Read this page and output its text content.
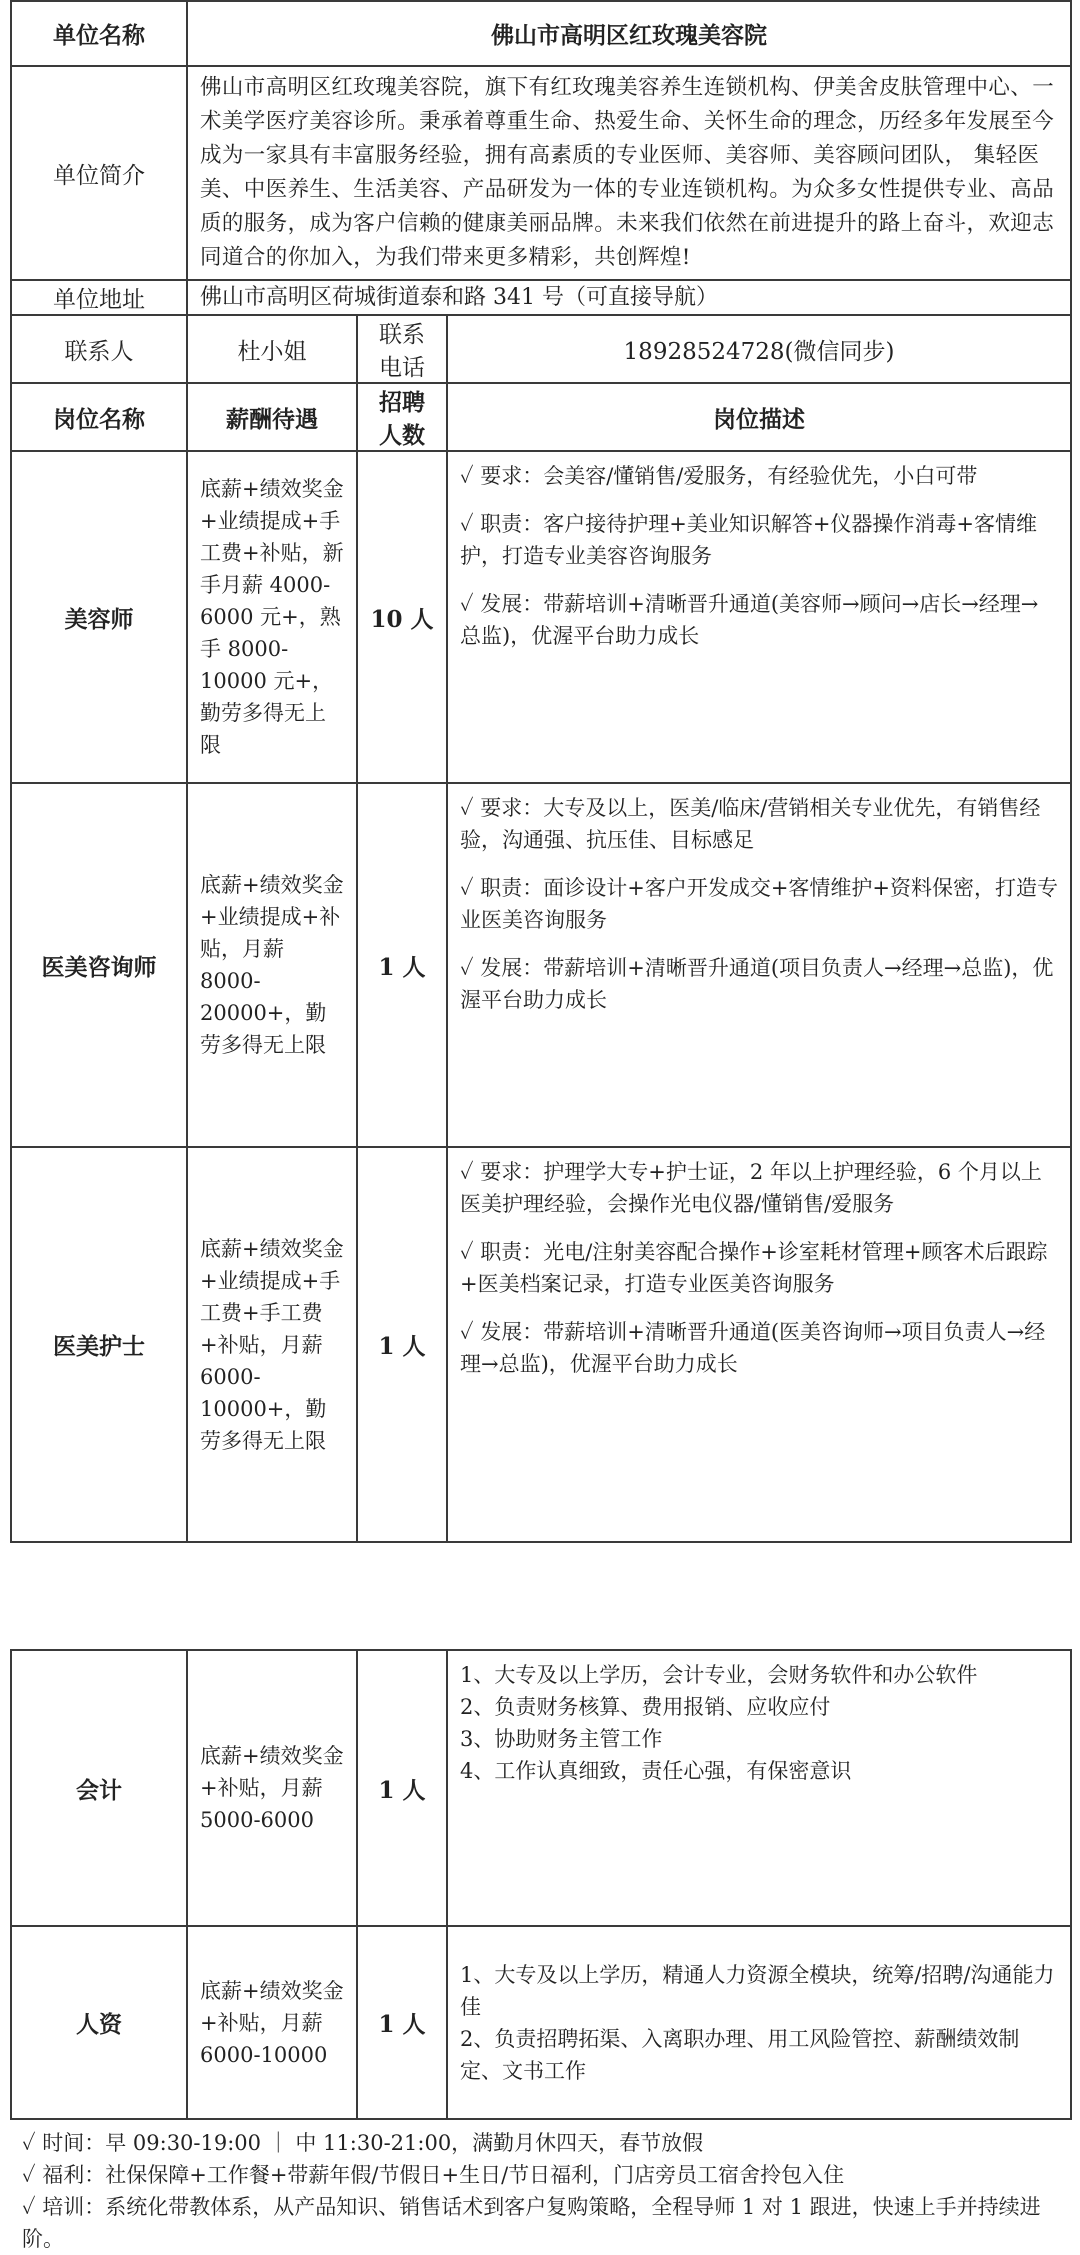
单位名称	佛山市高明区红玫瑰美容院		
单位简介	佛山市高明区红玫瑰美容院，旗下有红玫瑰美容养生连锁机构、伊美舍皮肤管理中心、一术美学医疗美容诊所。秉承着尊重生命、热爱生命、关怀生命的理念，历经多年发展至今成为一家具有丰富服务经验，拥有高素质的专业医师、美容师、美容顾问团队， 集轻医美、中医养生、生活美容、产品研发为一体的专业连锁机构。为众多女性提供专业、高品质的服务，成为客户信赖的健康美丽品牌。未来我们依然在前进提升的路上奋斗，欢迎志同道合的你加入，为我们带来更多精彩，共创辉煌!		
单位地址	佛山市高明区荷城街道泰和路 341 号（可直接导航）		
联系人	杜小姐	联系电话	18928524728(微信同步)
岗位名称	薪酬待遇	招聘人数	岗位描述
美容师	底薪+绩效奖金+业绩提成+手工费+补贴，新手月薪 4000-6000 元+，熟手 8000-10000 元+，勤劳多得无上限	10 人	✓ 要求：会美容/懂销售/爱服务，有经验优先，小白可带

✓ 职责：客户接待护理+美业知识解答+仪器操作消毒+客情维护，打造专业美容咨询服务

✓ 发展：带薪培训+清晰晋升通道(美容师→顾问→店长→经理→总监)，优渥平台助力成长

医美咨询师	底薪+绩效奖金+业绩提成+补贴，月薪 8000-20000+，勤劳多得无上限	1 人	✓ 要求：大专及以上，医美/临床/营销相关专业优先，有销售经验，沟通强、抗压佳、目标感足

✓ 职责：面诊设计+客户开发成交+客情维护+资料保密，打造专业医美咨询服务

✓ 发展：带薪培训+清晰晋升通道(项目负责人→经理→总监)，优渥平台助力成长

医美护士	底薪+绩效奖金+业绩提成+手工费+手工费+补贴，月薪 6000-10000+，勤劳多得无上限	1 人	✓ 要求：护理学大专+护士证，2 年以上护理经验，6 个月以上医美护理经验，会操作光电仪器/懂销售/爱服务

✓ 职责：光电/注射美容配合操作+诊室耗材管理+顾客术后跟踪+医美档案记录，打造专业医美咨询服务

✓ 发展：带薪培训+清晰晋升通道(医美咨询师→项目负责人→经理→总监)，优渥平台助力成长

会计	底薪+绩效奖金+补贴，月薪 5000-6000	1 人	1、大专及以上学历，会计专业，会财务软件和办公软件
2、负责财务核算、费用报销、应收应付
3、协助财务主管工作
4、工作认真细致，责任心强，有保密意识

人资	底薪+绩效奖金+补贴，月薪 6000-10000	1 人	1、大专及以上学历，精通人力资源全模块，统筹/招聘/沟通能力佳
2、负责招聘拓渠、入离职办理、用工风险管控、薪酬绩效制定、文书工作
✓ 时间：早 09:30-19:00 ｜ 中 11:30-21:00，满勤月休四天，春节放假
✓ 福利：社保保障+工作餐+带薪年假/节假日+生日/节日福利，门店旁员工宿舍拎包入住
✓ 培训：系统化带教体系，从产品知识、销售话术到客户复购策略，全程导师 1 对 1 跟进，快速上手并持续进阶。
